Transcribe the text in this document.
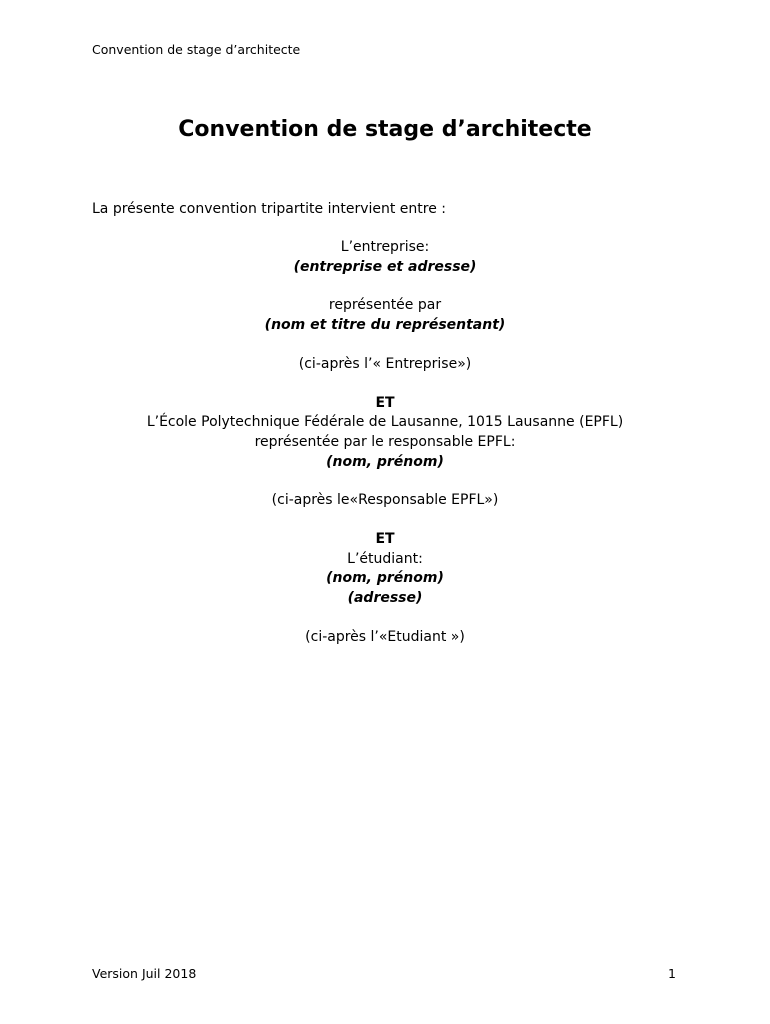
Convention de stage d’architecte
Convention de stage d’architecte
La présente convention tripartite intervient entre :
L’entreprise:
(entreprise et adresse)
représentée par
(nom et titre du représentant)
(ci-après l’« Entreprise»)
ET
L’École Polytechnique Fédérale de Lausanne, 1015 Lausanne (EPFL)
représentée par le responsable EPFL:
(nom, prénom)
(ci-après le«Responsable EPFL»)
ET
L’étudiant:
(nom, prénom)
(adresse)
(ci-après l’«Etudiant »)
Version Juil 2018	1
